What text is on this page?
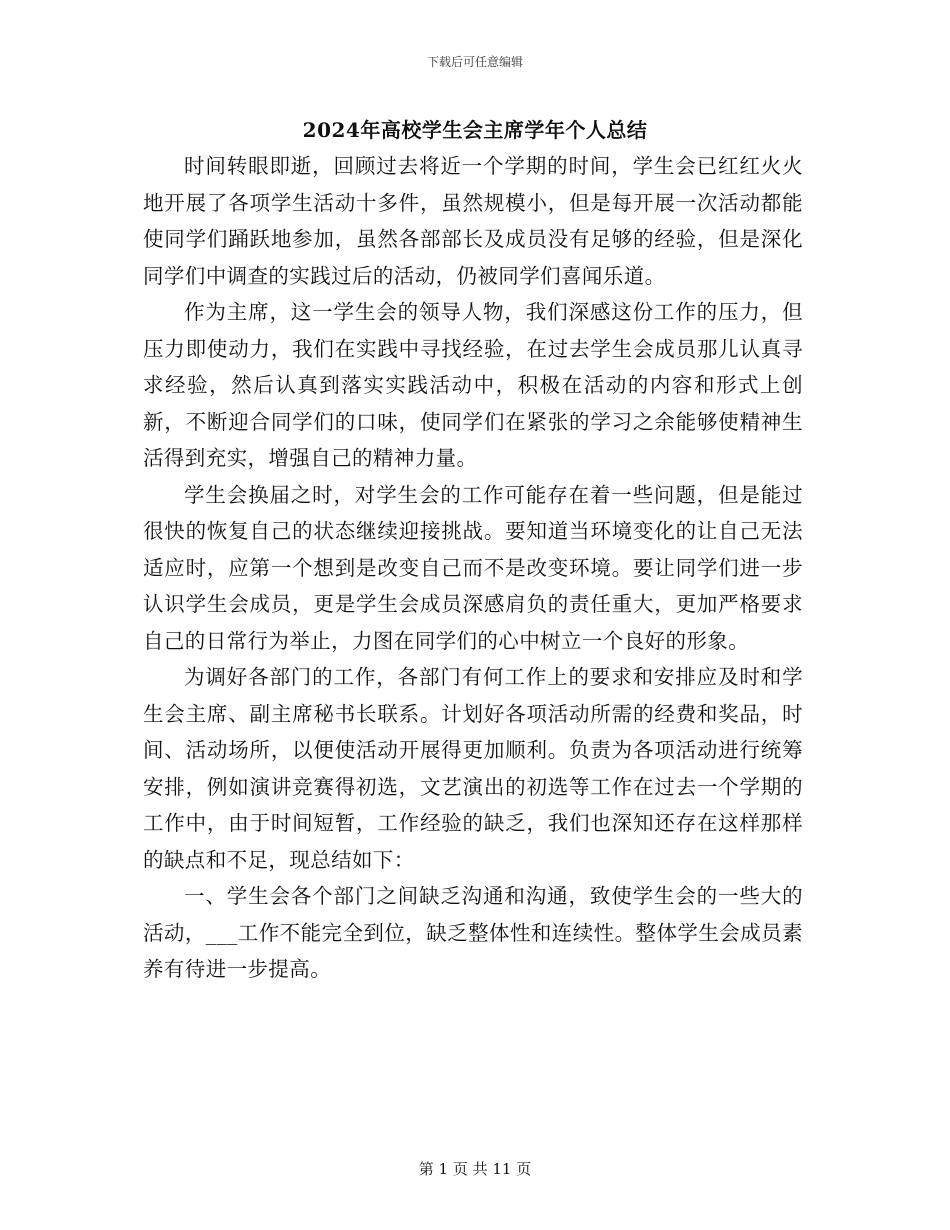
下载后可任意编辑
2024年高校学生会主席学年个人总结

时间转眼即逝，回顾过去将近一个学期的时间，学生会已红红火火地开展了各项学生活动十多件，虽然规模小，但是每开展一次活动都能使同学们踊跃地参加，虽然各部部长及成员没有足够的经验，但是深化同学们中调查的实践过后的活动，仍被同学们喜闻乐道。

作为主席，这一学生会的领导人物，我们深感这份工作的压力，但压力即使动力，我们在实践中寻找经验，在过去学生会成员那儿认真寻求经验，然后认真到落实实践活动中，积极在活动的内容和形式上创新，不断迎合同学们的口味，使同学们在紧张的学习之余能够使精神生活得到充实，增强自己的精神力量。

学生会换届之时，对学生会的工作可能存在着一些问题，但是能过很快的恢复自己的状态继续迎接挑战。要知道当环境变化的让自己无法适应时，应第一个想到是改变自己而不是改变环境。要让同学们进一步认识学生会成员，更是学生会成员深感肩负的责任重大，更加严格要求自己的日常行为举止，力图在同学们的心中树立一个良好的形象。

为调好各部门的工作，各部门有何工作上的要求和安排应及时和学生会主席、副主席秘书长联系。计划好各项活动所需的经费和奖品，时间、活动场所，以便使活动开展得更加顺利。负责为各项活动进行统筹安排，例如演讲竞赛得初选，文艺演出的初选等工作在过去一个学期的工作中，由于时间短暂，工作经验的缺乏，我们也深知还存在这样那样的缺点和不足，现总结如下：

一、学生会各个部门之间缺乏沟通和沟通，致使学生会的一些大的活动，___工作不能完全到位，缺乏整体性和连续性。整体学生会成员素养有待进一步提高。

第 1 页 共 11 页
